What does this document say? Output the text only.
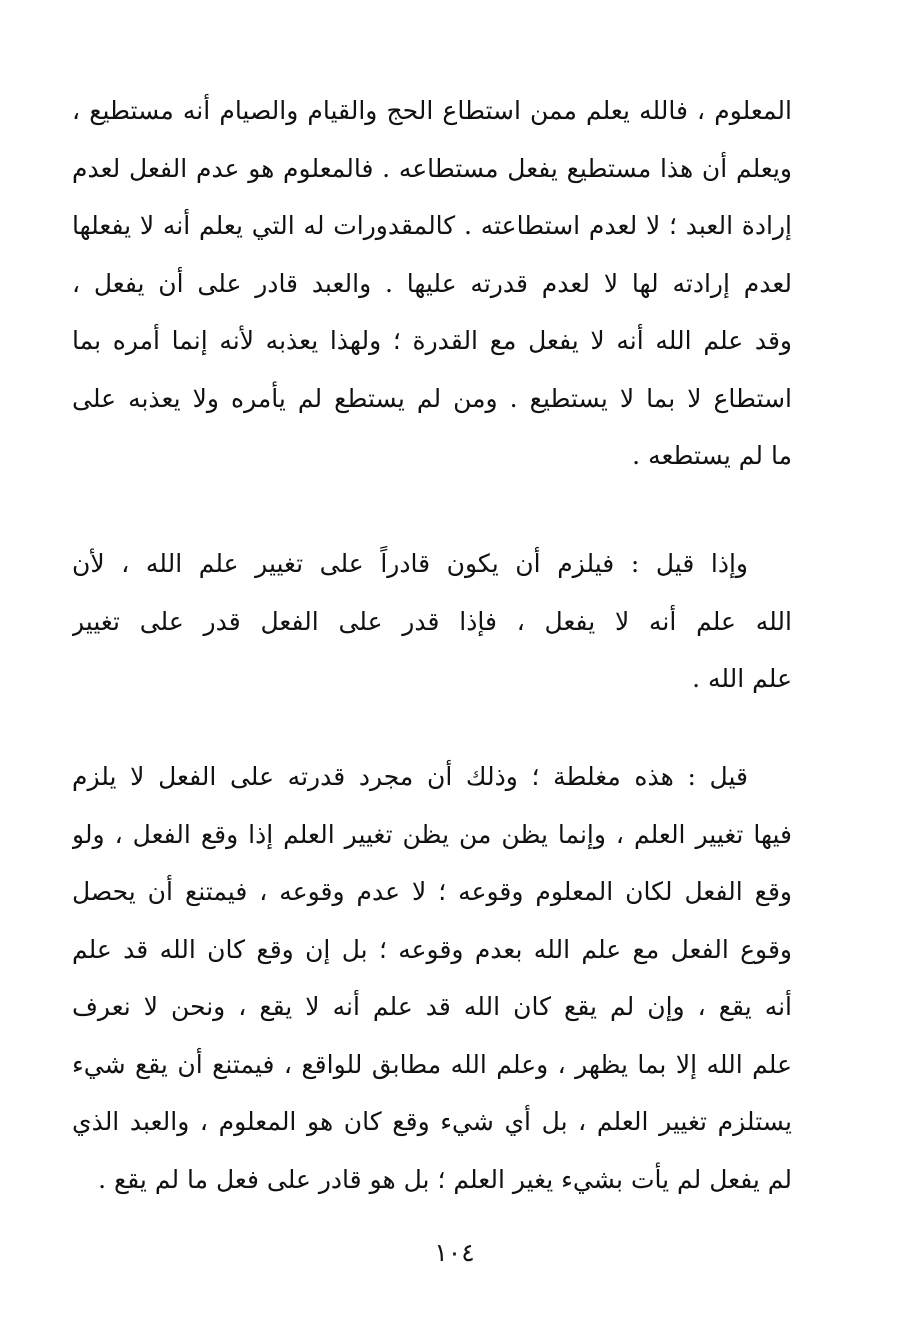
المعلوم ، فالله يعلم ممن استطاع الحج والقيام والصيام أنه مستطيع ،
ويعلم أن هذا مستطيع يفعل مستطاعه . فالمعلوم هو عدم الفعل لعدم
إرادة العبد ؛ لا لعدم استطاعته . كالمقدورات له التي يعلم أنه لا يفعلها
لعدم إرادته لها لا لعدم قدرته عليها . والعبد قادر على أن يفعل ،
وقد علم الله أنه لا يفعل مع القدرة ؛ ولهذا يعذبه لأنه إنما أمره بما
استطاع لا بما لا يستطيع . ومن لم يستطع لم يأمره ولا يعذبه على
ما لم يستطعه .
وإذا قيل : فيلزم أن يكون قادراً على تغيير علم الله ، لأن
الله علم أنه لا يفعل ، فإذا قدر على الفعل قدر على تغيير
علم الله .
قيل : هذه مغلطة ؛ وذلك أن مجرد قدرته على الفعل لا يلزم
فيها تغيير العلم ، وإنما يظن من يظن تغيير العلم إذا وقع الفعل ، ولو
وقع الفعل لكان المعلوم وقوعه ؛ لا عدم وقوعه ، فيمتنع أن يحصل
وقوع الفعل مع علم الله بعدم وقوعه ؛ بل إن وقع كان الله قد علم
أنه يقع ، وإن لم يقع كان الله قد علم أنه لا يقع ، ونحن لا نعرف
علم الله إلا بما يظهر ، وعلم الله مطابق للواقع ، فيمتنع أن يقع شيء
يستلزم تغيير العلم ، بل أي شيء وقع كان هو المعلوم ، والعبد الذي
لم يفعل لم يأت بشيء يغير العلم ؛ بل هو قادر على فعل ما لم يقع .
١٠٤
